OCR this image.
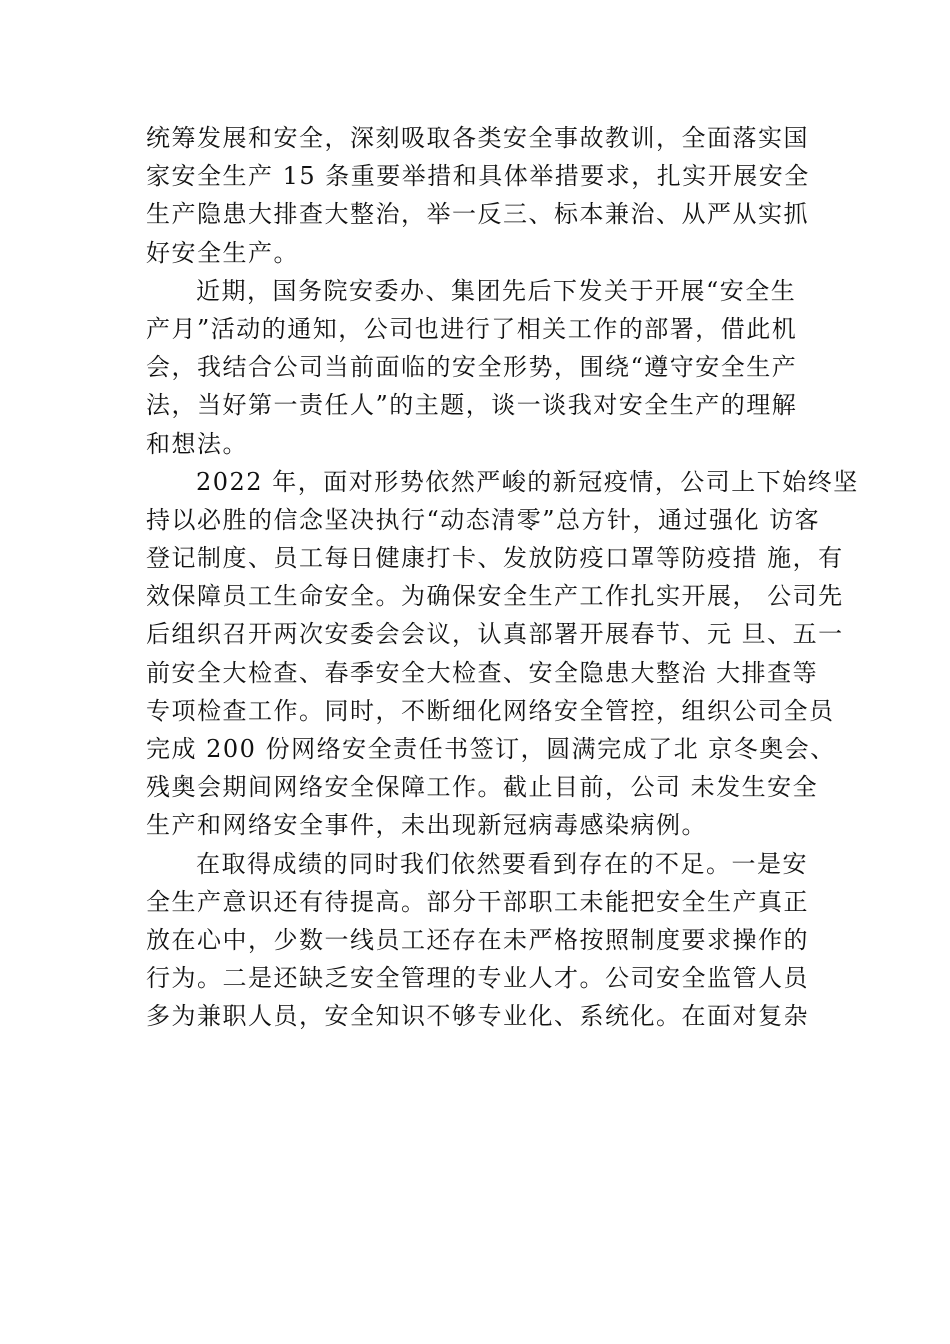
统筹发展和安全，深刻吸取各类安全事故教训，全面落实国
家安全生产 15 条重要举措和具体举措要求，扎实开展安全
生产隐患大排查大整治，举一反三、标本兼治、从严从实抓
好安全生产。
近期，国务院安委办、集团先后下发关于开展“安全生
产月”活动的通知，公司也进行了相关工作的部署，借此机
会，我结合公司当前面临的安全形势，围绕“遵守安全生产
法，当好第一责任人”的主题，谈一谈我对安全生产的理解
和想法。
2022 年，面对形势依然严峻的新冠疫情，公司上下始终坚
持以必胜的信念坚决执行“动态清零”总方针，通过强化 访客
登记制度、员工每日健康打卡、发放防疫口罩等防疫措 施，有
效保障员工生命安全。为确保安全生产工作扎实开展， 公司先
后组织召开两次安委会会议，认真部署开展春节、元 旦、五一
前安全大检查、春季安全大检查、安全隐患大整治 大排查等
专项检查工作。同时，不断细化网络安全管控，组织公司全员
完成 200 份网络安全责任书签订，圆满完成了北 京冬奥会、
残奥会期间网络安全保障工作。截止目前，公司 未发生安全
生产和网络安全事件，未出现新冠病毒感染病例。
在取得成绩的同时我们依然要看到存在的不足。一是安
全生产意识还有待提高。部分干部职工未能把安全生产真正
放在心中，少数一线员工还存在未严格按照制度要求操作的
行为。二是还缺乏安全管理的专业人才。公司安全监管人员
多为兼职人员，安全知识不够专业化、系统化。在面对复杂
